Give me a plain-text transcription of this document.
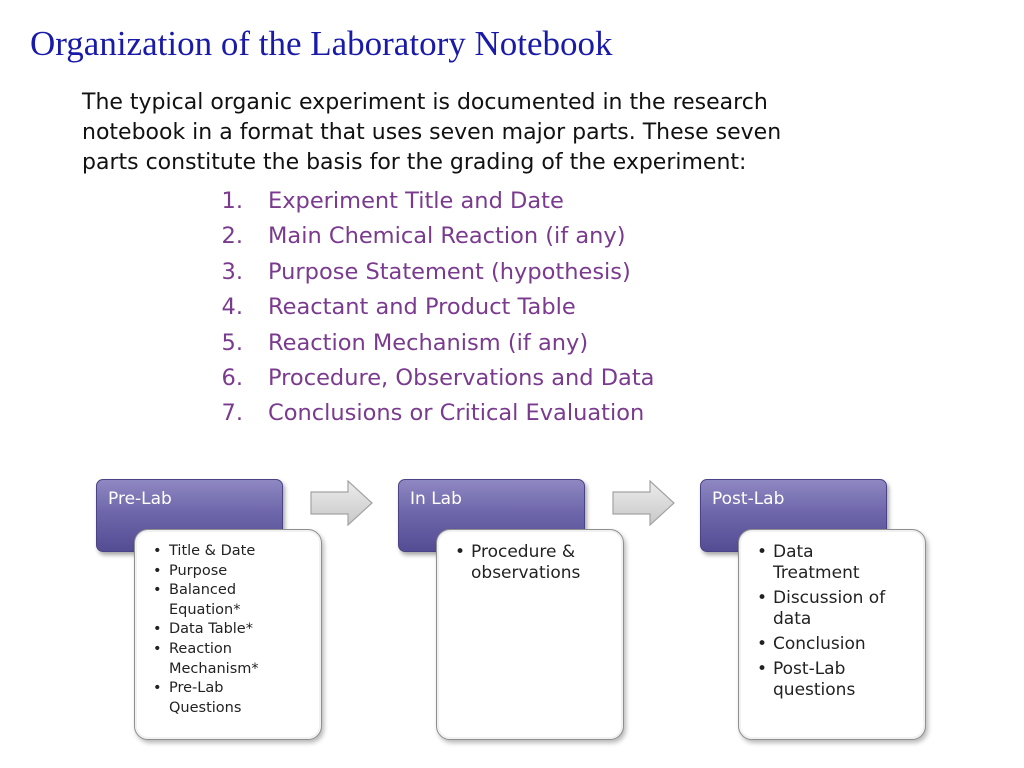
Organization of the Laboratory Notebook
The typical organic experiment is documented in the research
notebook in a format that uses seven major parts. These seven
parts constitute the basis for the grading of the experiment:
1. Experiment Title and Date
2. Main Chemical Reaction (if any)
3. Purpose Statement (hypothesis)
4. Reactant and Product Table
5. Reaction Mechanism (if any)
6. Procedure, Observations and Data
7. Conclusions or Critical Evaluation
Pre-Lab
• Title & Date
• Purpose
• Balanced
Equation*
• Data Table*
• Reaction
Mechanism*
• Pre-Lab
Questions
In Lab
• Procedure &
observations
Post-Lab
• Data
Treatment
• Discussion of
data
• Conclusion
• Post-Lab
questions
